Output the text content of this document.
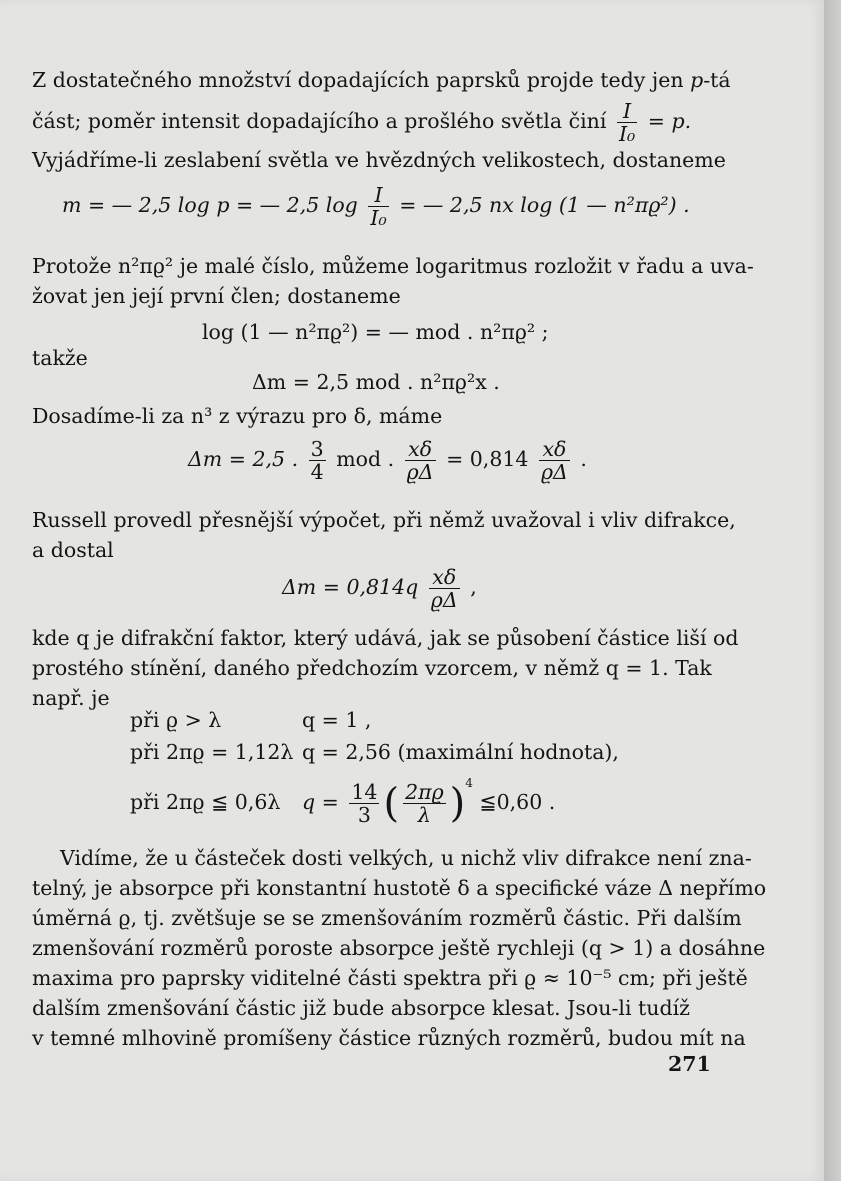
Z dostatečného množství dopadajících paprsků projde tedy jen p-tá
část; poměr intensit dopadajícího a prošlého světla činí $\frac{I}{\text{I₀}} = p$.
Vyjádříme-li zeslabení světla ve hvězdných velikostech, dostaneme
m = — 2,5 log p = — 2,5 $\log \frac{I}{\text{I₀}}$ = — 2,5 nx log (1 — n²πϱ²) .
Protože n²πϱ² je malé číslo, můžeme logaritmus rozložit v řadu a uva-
žovat jen její první člen; dostaneme
log (1 — n²πϱ²) = — mod . n²πϱ² ;
takže
Δm = 2,5 mod . n²πϱ²x .
Dosadíme-li za n³ z výrazu pro δ, máme
Δm = 2,5 . $\frac{3}{4}$ mod . $\frac{x\delta}{ϱ\Delta} = 0,814 \frac{x\delta}{ϱ\Delta}$ .
Russell provedl přesnější výpočet, při němž uvažoval i vliv difrakce,
a dostal
$\Delta m = 0,814q \frac{x\delta}{ϱ\Delta}$ ,
kde q je difrakční faktor, který udává, jak se působení částice liší od
prostého stínění, daného předchozím vzorcem, v němž q = 1. Tak
např. je
při ϱ > λ	q = 1 ,
při 2πϱ = 1,12λ q = 2,56 (maximální hodnota),
při 2πϱ ≦ 0,6λ $q = \frac{14}{3}$ ( $\frac{2\pi ϱ}{\lambda} )^4$ ≦0,60 .
Vidíme, že u částeček dosti velkých, u nichž vliv difrakce není zna-
telný, je absorpce při konstantní hustotě δ a specifické váze Δ nepřímo
úměrná ϱ, tj. zvětšuje se se zmenšováním rozměrů částic. Při dalším
zmenšování rozměrů poroste absorpce ještě rychleji (q > 1) a dosáhne
maxima pro paprsky viditelné části spektra při ϱ ≈ 10⁻⁵ cm; při ještě
dalším zmenšování částic již bude absorpce klesat. Jsou-li tudíž
v temné mlhovině promíšeny částice různých rozměrů, budou mít na
271
